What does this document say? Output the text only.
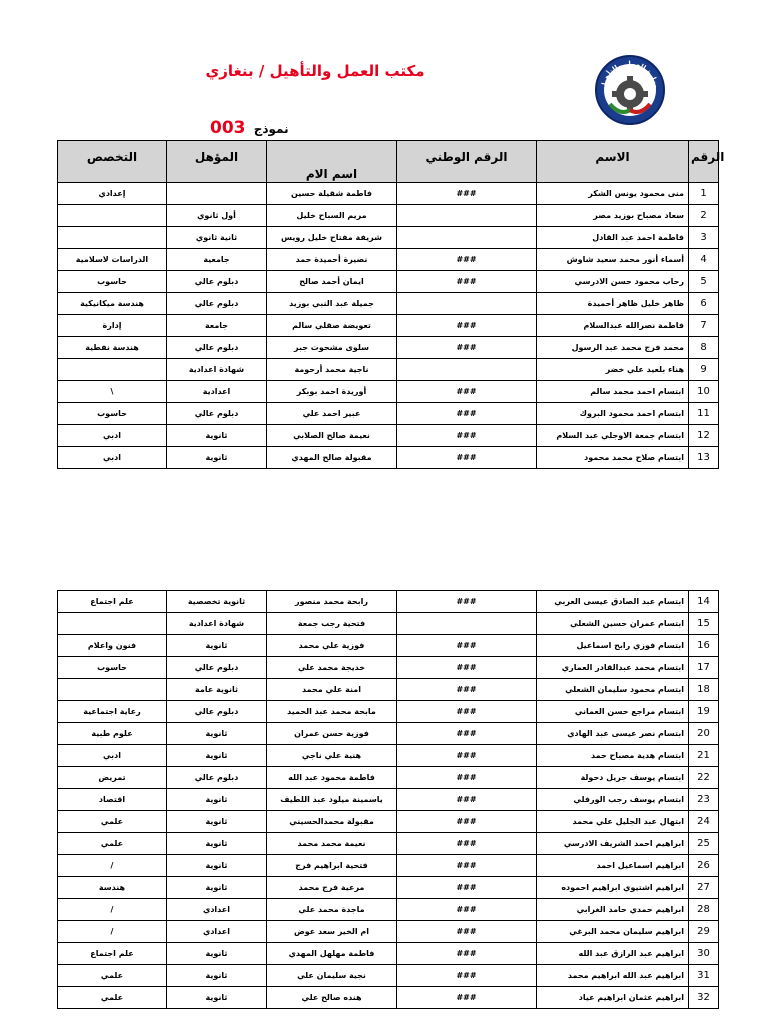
وزارة العمل والتأهيل
مكتب العمل والتأهيل / بنغازي
نموذج 003
التخصص	المؤهل	اسم الام	الرقم الوطني	الاسم	الرقم
إعدادي		فاطمة شقيلة حسين	###	منى محمود يونس الشكر	1
	أول ثانوي	مريم السباح خليل		سعاد مصباح بوزيد مصر	2
	ثانية ثانوي	شريفة مفتاح خليل رويس		فاطمة احمد عبد القادل	3
الدراسات لاسلامية	جامعية	نصيرة أحميدة حمد	###	أسماء أنور محمد سعيد شاوش	4
حاسوب	دبلوم عالي	ايمان أحمد صالح	###	رحاب محمود حسن الادرسي	5
هندسة ميكانيكية	دبلوم عالي	جميلة عبد النبي بوزيد		ظاهر خليل ظاهر أحميدة	6
إدارة	جامعة	تعويضة صقلي سالم	###	فاطمة نصرالله عبدالسلام	7
هندسة نفطية	دبلوم عالي	سلوى مشحوت جبر	###	محمد فرج محمد عبد الرسول	8
	شهادة اعدادية	ناجية محمد أرحومة		هناء بلعيد علي خضر	9
\	اعدادية	أوريدة احمد بوبكر	###	ابتسام احمد محمد سالم	10
حاسوب	دبلوم عالي	عبير احمد علي	###	ابتسام احمد محمود البروك	11
ادبي	ثانوية	نعيمة صالح الصلابي	###	ابتسام جمعة الاوجلي عبد السلام	12
ادبي	ثانوية	مقبولة صالح المهدي	###	ابتسام صلاح محمد محمود	13
علم اجتماع	ثانوية تخصصية	رابحة محمد منصور	###	ابتسام عبد الصادق عيسى العربي	14
	شهادة اعدادية	فتحية رجب جمعة		ابتسام عمران حسين الشعلي	15
فنون واعلام	ثانوية	فوزية علي محمد	###	ابتسام فوزي رابح اسماعيل	16
حاسوب	دبلوم عالي	خديجة محمد علي	###	ابتسام محمد عبدالقادر العماري	17
	ثانوية عامة	امنة علي محمد	###	ابتسام محمود سليمان الشعلي	18
رعاية اجتماعية	دبلوم عالي	مابحة محمد عبد الحميد	###	ابتسام مراجع حسن العماني	19
علوم طبية	ثانوية	فوزية حسن عمران	###	ابتسام نصر عيسى عبد الهادي	20
ادبي	ثانوية	هنية علي ناجي	###	ابتسام هدية مصباح حمد	21
تمريض	دبلوم عالي	فاطمة محمود عبد الله	###	ابتسام يوسف جريل دحولة	22
اقتصاد	ثانوية	ياسمينة ميلود عبد اللطيف	###	ابتسام يوسف رجب الورفلي	23
علمي	ثانوية	مقبولة محمدالحسيني	###	ابتهال عبد الجليل علي محمد	24
علمي	ثانوية	نعيمة محمد محمد	###	ابراهيم احمد الشريف الادرسي	25
/	ثانوية	فتحية ابراهيم فرج	###	ابراهيم اسماعيل احمد	26
هندسة	ثانوية	مرعية فرج محمد	###	ابراهيم اشتيوي ابراهيم احموده	27
/	اعدادي	ماجدة محمد علي	###	ابراهيم حمدي حامد الغرابي	28
/	اعدادي	ام الخير سعد عوض	###	ابراهيم سليمان محمد البرغي	29
علم اجتماع	ثانوية	فاطمة مهلهل المهدي	###	ابراهيم عبد الرازق عبد الله	30
علمي	ثانوية	نجية سليمان علي	###	ابراهيم عبد الله ابراهيم محمد	31
علمي	ثانوية	هنده صالح علي	###	ابراهيم عثمان ابراهيم عياد	32
